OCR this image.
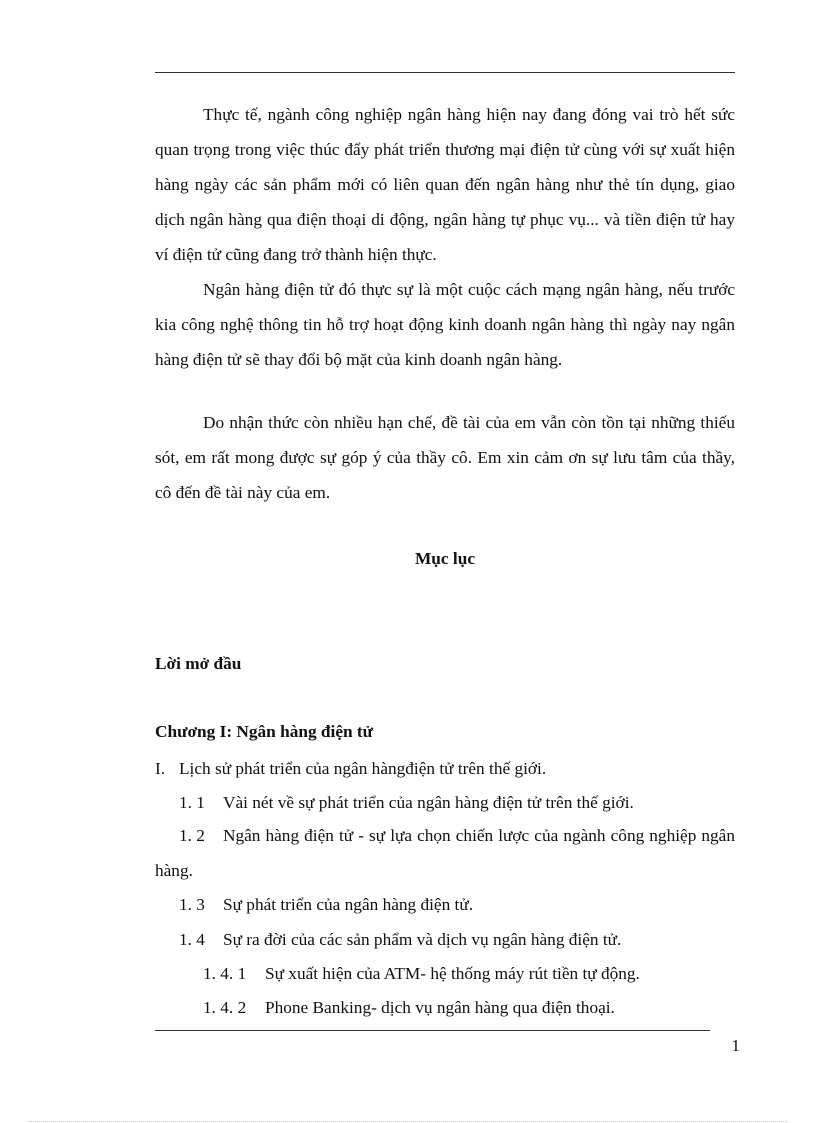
Thực tế, ngành công nghiệp ngân hàng hiện nay đang đóng vai trò hết sức quan trọng trong việc thúc đẩy phát triển thương mại điện tử cùng với sự xuất hiện hàng ngày các sản phẩm mới có liên quan đến ngân hàng như thẻ tín dụng, giao dịch ngân hàng qua điện thoại di động, ngân hàng tự phục vụ... và tiền điện tử hay ví điện tử cũng đang trở thành hiện thực.

Ngân hàng điện tử đó thực sự là một cuộc cách mạng ngân hàng, nếu trước kia công nghệ thông tin hỗ trợ hoạt động kinh doanh ngân hàng thì ngày nay ngân hàng điện tử sẽ thay đổi bộ mặt của kinh doanh ngân hàng.

Do nhận thức còn nhiều hạn chế, đề tài của em vẫn còn tồn tại những thiếu sót, em rất mong được sự góp ý của thầy cô. Em xin cảm ơn sự lưu tâm của thầy, cô đến đề tài này của em.

Mục lục
Lời mở đầu
Chương I: Ngân hàng điện tử
I. Lịch sử phát triển của ngân hàngđiện tử trên thế giới.
1. 1 Vài nét về sự phát triển của ngân hàng điện tử trên thế giới.

1. 2 Ngân hàng điện tử - sự lựa chọn chiến lược của ngành công nghiệp ngân hàng.

1. 3 Sự phát triển của ngân hàng điện tử.
1. 4 Sự ra đời của các sản phẩm và dịch vụ ngân hàng điện tử.
1. 4. 1 Sự xuất hiện của ATM- hệ thống máy rút tiền tự động.
1. 4. 2 Phone Banking- dịch vụ ngân hàng qua điện thoại.
1
